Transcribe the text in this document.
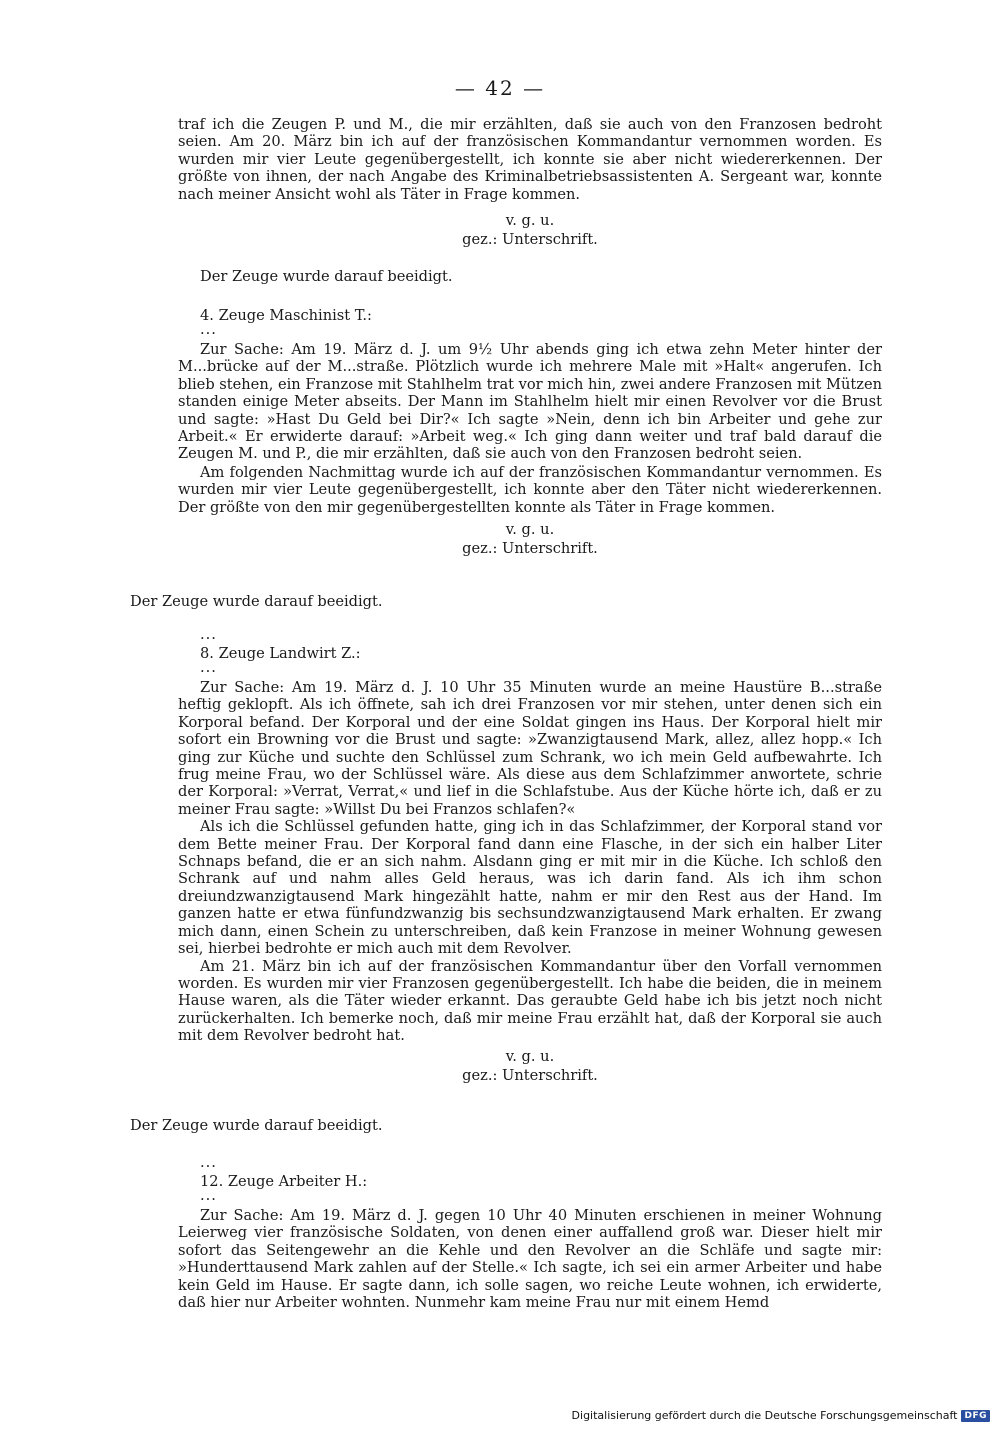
— 42 —

traf ich die Zeugen P. und M., die mir erzählten, daß sie auch von den Franzosen bedroht seien. Am 20. März bin ich auf der französischen Kommandantur vernommen worden. Es wurden mir vier Leute gegenübergestellt, ich konnte sie aber nicht wiedererkennen. Der größte von ihnen, der nach Angabe des Kriminalbetriebsassistenten A. Sergeant war, konnte nach meiner Ansicht wohl als Täter in Frage kommen.

v. g. u.

gez.: Unterschrift.

Der Zeuge wurde darauf beeidigt.

4. Zeuge Maschinist T.:

...

Zur Sache: Am 19. März d. J. um 9½ Uhr abends ging ich etwa zehn Meter hinter der M...brücke auf der M...straße. Plötzlich wurde ich mehrere Male mit »Halt« angerufen. Ich blieb stehen, ein Franzose mit Stahlhelm trat vor mich hin, zwei andere Franzosen mit Mützen standen einige Meter abseits. Der Mann im Stahlhelm hielt mir einen Revolver vor die Brust und sagte: »Hast Du Geld bei Dir?« Ich sagte »Nein, denn ich bin Arbeiter und gehe zur Arbeit.« Er erwiderte darauf: »Arbeit weg.« Ich ging dann weiter und traf bald darauf die Zeugen M. und P., die mir erzählten, daß sie auch von den Franzosen bedroht seien.

Am folgenden Nachmittag wurde ich auf der französischen Kommandantur vernommen. Es wurden mir vier Leute gegenübergestellt, ich konnte aber den Täter nicht wiedererkennen. Der größte von den mir gegenübergestellten konnte als Täter in Frage kommen.

v. g. u.

gez.: Unterschrift.

Der Zeuge wurde darauf beeidigt.

...

8. Zeuge Landwirt Z.:

...

Zur Sache: Am 19. März d. J. 10 Uhr 35 Minuten wurde an meine Haustüre B...straße heftig geklopft. Als ich öffnete, sah ich drei Franzosen vor mir stehen, unter denen sich ein Korporal befand. Der Korporal und der eine Soldat gingen ins Haus. Der Korporal hielt mir sofort ein Browning vor die Brust und sagte: »Zwanzigtausend Mark, allez, allez hopp.« Ich ging zur Küche und suchte den Schlüssel zum Schrank, wo ich mein Geld aufbewahrte. Ich frug meine Frau, wo der Schlüssel wäre. Als diese aus dem Schlafzimmer anwortete, schrie der Korporal: »Verrat, Verrat,« und lief in die Schlafstube. Aus der Küche hörte ich, daß er zu meiner Frau sagte: »Willst Du bei Franzos schlafen?«

Als ich die Schlüssel gefunden hatte, ging ich in das Schlafzimmer, der Korporal stand vor dem Bette meiner Frau. Der Korporal fand dann eine Flasche, in der sich ein halber Liter Schnaps befand, die er an sich nahm. Alsdann ging er mit mir in die Küche. Ich schloß den Schrank auf und nahm alles Geld heraus, was ich darin fand. Als ich ihm schon dreiundzwanzigtausend Mark hingezählt hatte, nahm er mir den Rest aus der Hand. Im ganzen hatte er etwa fünfundzwanzig bis sechsundzwanzigtausend Mark erhalten. Er zwang mich dann, einen Schein zu unterschreiben, daß kein Franzose in meiner Wohnung gewesen sei, hierbei bedrohte er mich auch mit dem Revolver.

Am 21. März bin ich auf der französischen Kommandantur über den Vorfall vernommen worden. Es wurden mir vier Franzosen gegenübergestellt. Ich habe die beiden, die in meinem Hause waren, als die Täter wieder erkannt. Das geraubte Geld habe ich bis jetzt noch nicht zurückerhalten. Ich bemerke noch, daß mir meine Frau erzählt hat, daß der Korporal sie auch mit dem Revolver bedroht hat.

v. g. u.

gez.: Unterschrift.

Der Zeuge wurde darauf beeidigt.

...

12. Zeuge Arbeiter H.:

...

Zur Sache: Am 19. März d. J. gegen 10 Uhr 40 Minuten erschienen in meiner Wohnung Leierweg vier französische Soldaten, von denen einer auffallend groß war. Dieser hielt mir sofort das Seitengewehr an die Kehle und den Revolver an die Schläfe und sagte mir: »Hunderttausend Mark zahlen auf der Stelle.« Ich sagte, ich sei ein armer Arbeiter und habe kein Geld im Hause. Er sagte dann, ich solle sagen, wo reiche Leute wohnen, ich erwiderte, daß hier nur Arbeiter wohnten. Nunmehr kam meine Frau nur mit einem Hemd

Digitalisierung gefördert durch die Deutsche Forschungsgemeinschaft DFG
